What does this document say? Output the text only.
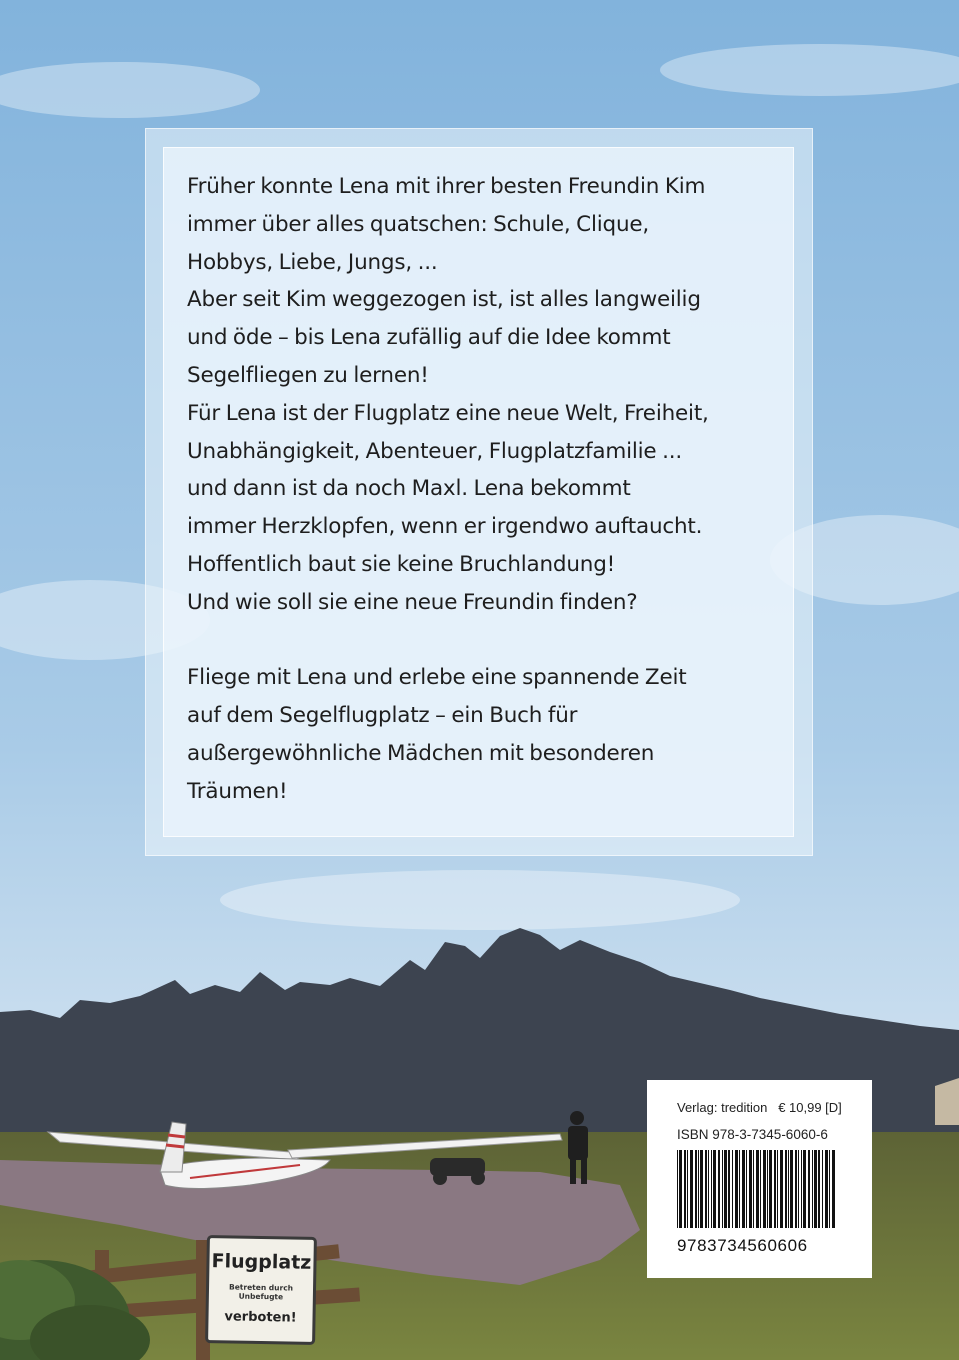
Früher konnte Lena mit ihrer besten Freundin Kim
immer über alles quatschen: Schule, Clique,
Hobbys, Liebe, Jungs, ...
Aber seit Kim weggezogen ist, ist alles langweilig
und öde – bis Lena zufällig auf die Idee kommt
Segelfliegen zu lernen!
Für Lena ist der Flugplatz eine neue Welt, Freiheit,
Unabhängigkeit, Abenteuer, Flugplatzfamilie ...
und dann ist da noch Maxl. Lena bekommt
immer Herzklopfen, wenn er irgendwo auftaucht.
Hoffentlich baut sie keine Bruchlandung!
Und wie soll sie eine neue Freundin finden?
Fliege mit Lena und erlebe eine spannende Zeit
auf dem Segelflugplatz – ein Buch für
außergewöhnliche Mädchen mit besonderen
Träumen!
Verlag: tredition € 10,99 [D]
ISBN 978-3-7345-6060-6
9783734560606
Flugplatz
Betreten durch Unbefugte
verboten!
